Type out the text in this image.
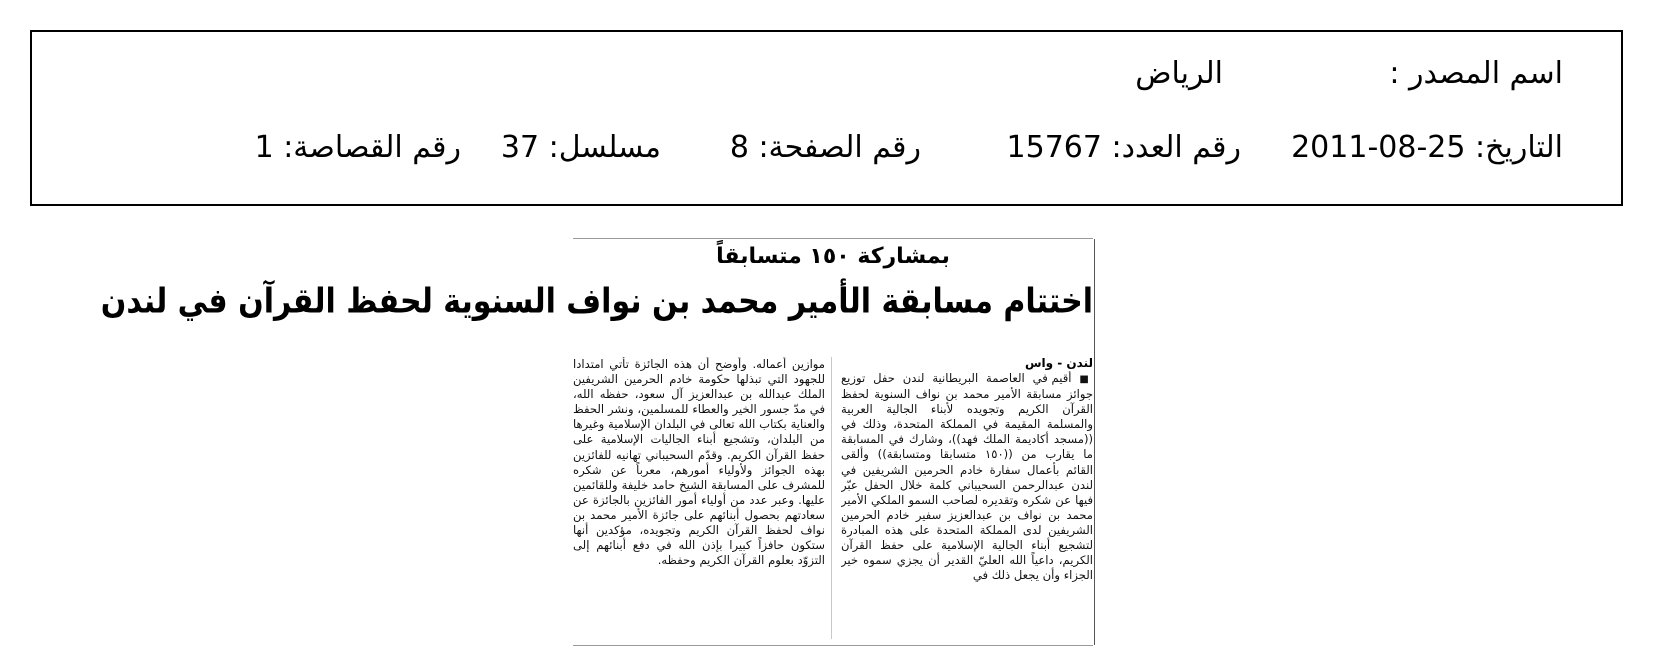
اسم المصدر :
الرياض
التاريخ: 25-08-2011
رقم العدد: 15767
رقم الصفحة: 8
مسلسل: 37
رقم القصاصة: 1
بمشاركة ١٥٠ متسابقاً
اختتام مسابقة الأمير محمد بن نواف السنوية لحفظ القرآن في لندن
لندن - واس
■ أقيم في العاصمة البريطانية لندن حفل توزيع جوائز مسابقة الأمير محمد بن نواف السنوية لحفظ القرآن الكريم وتجويده لأبناء الجالية العربية والمسلمة المقيمة في المملكة المتحدة، وذلك في ((مسجد أكاديمة الملك فهد))، وشارك في المسابقة ما يقارب من ((١٥٠ متسابقا ومتسابقة)) وألقى القائم بأعمال سفارة خادم الحرمين الشريفين في لندن عبدالرحمن السحيباني كلمة خلال الحفل عبّر فيها عن شكره وتقديره لصاحب السمو الملكي الأمير محمد بن نواف بن عبدالعزيز سفير خادم الحرمين الشريفين لدى المملكة المتحدة على هذه المبادرة لتشجيع أبناء الجالية الإسلامية على حفظ القرآن الكريم، داعياً الله العليّ القدير أن يجزي سموه خير الجزاء وأن يجعل ذلك في
موازين أعماله. وأوضح أن هذه الجائزة تأتي امتدادا للجهود التي تبذلها حكومة خادم الحرمين الشريفين الملك عبدالله بن عبدالعزيز آل سعود، حفظه الله، في مدّ جسور الخير والعطاء للمسلمين، ونشر الحفظ والعناية بكتاب الله تعالى في البلدان الإسلامية وغيرها من البلدان، وتشجيع أبناء الجاليات الإسلامية على حفظ القرآن الكريم. وقدّم السحيباني تهانيه للفائزين بهذه الجوائز ولأولياء أمورهم، معرباً عن شكره للمشرف على المسابقة الشيخ حامد خليفة وللقائمين عليها. وعبر عدد من أولياء أمور الفائزين بالجائزة عن سعادتهم بحصول أبنائهم على جائزة الأمير محمد بن نواف لحفظ القرآن الكريم وتجويده، مؤكدين أنها ستكون حافزاً كبيرا بإذن الله في دفع أبنائهم إلى التزوّد بعلوم القرآن الكريم وحفظه.
